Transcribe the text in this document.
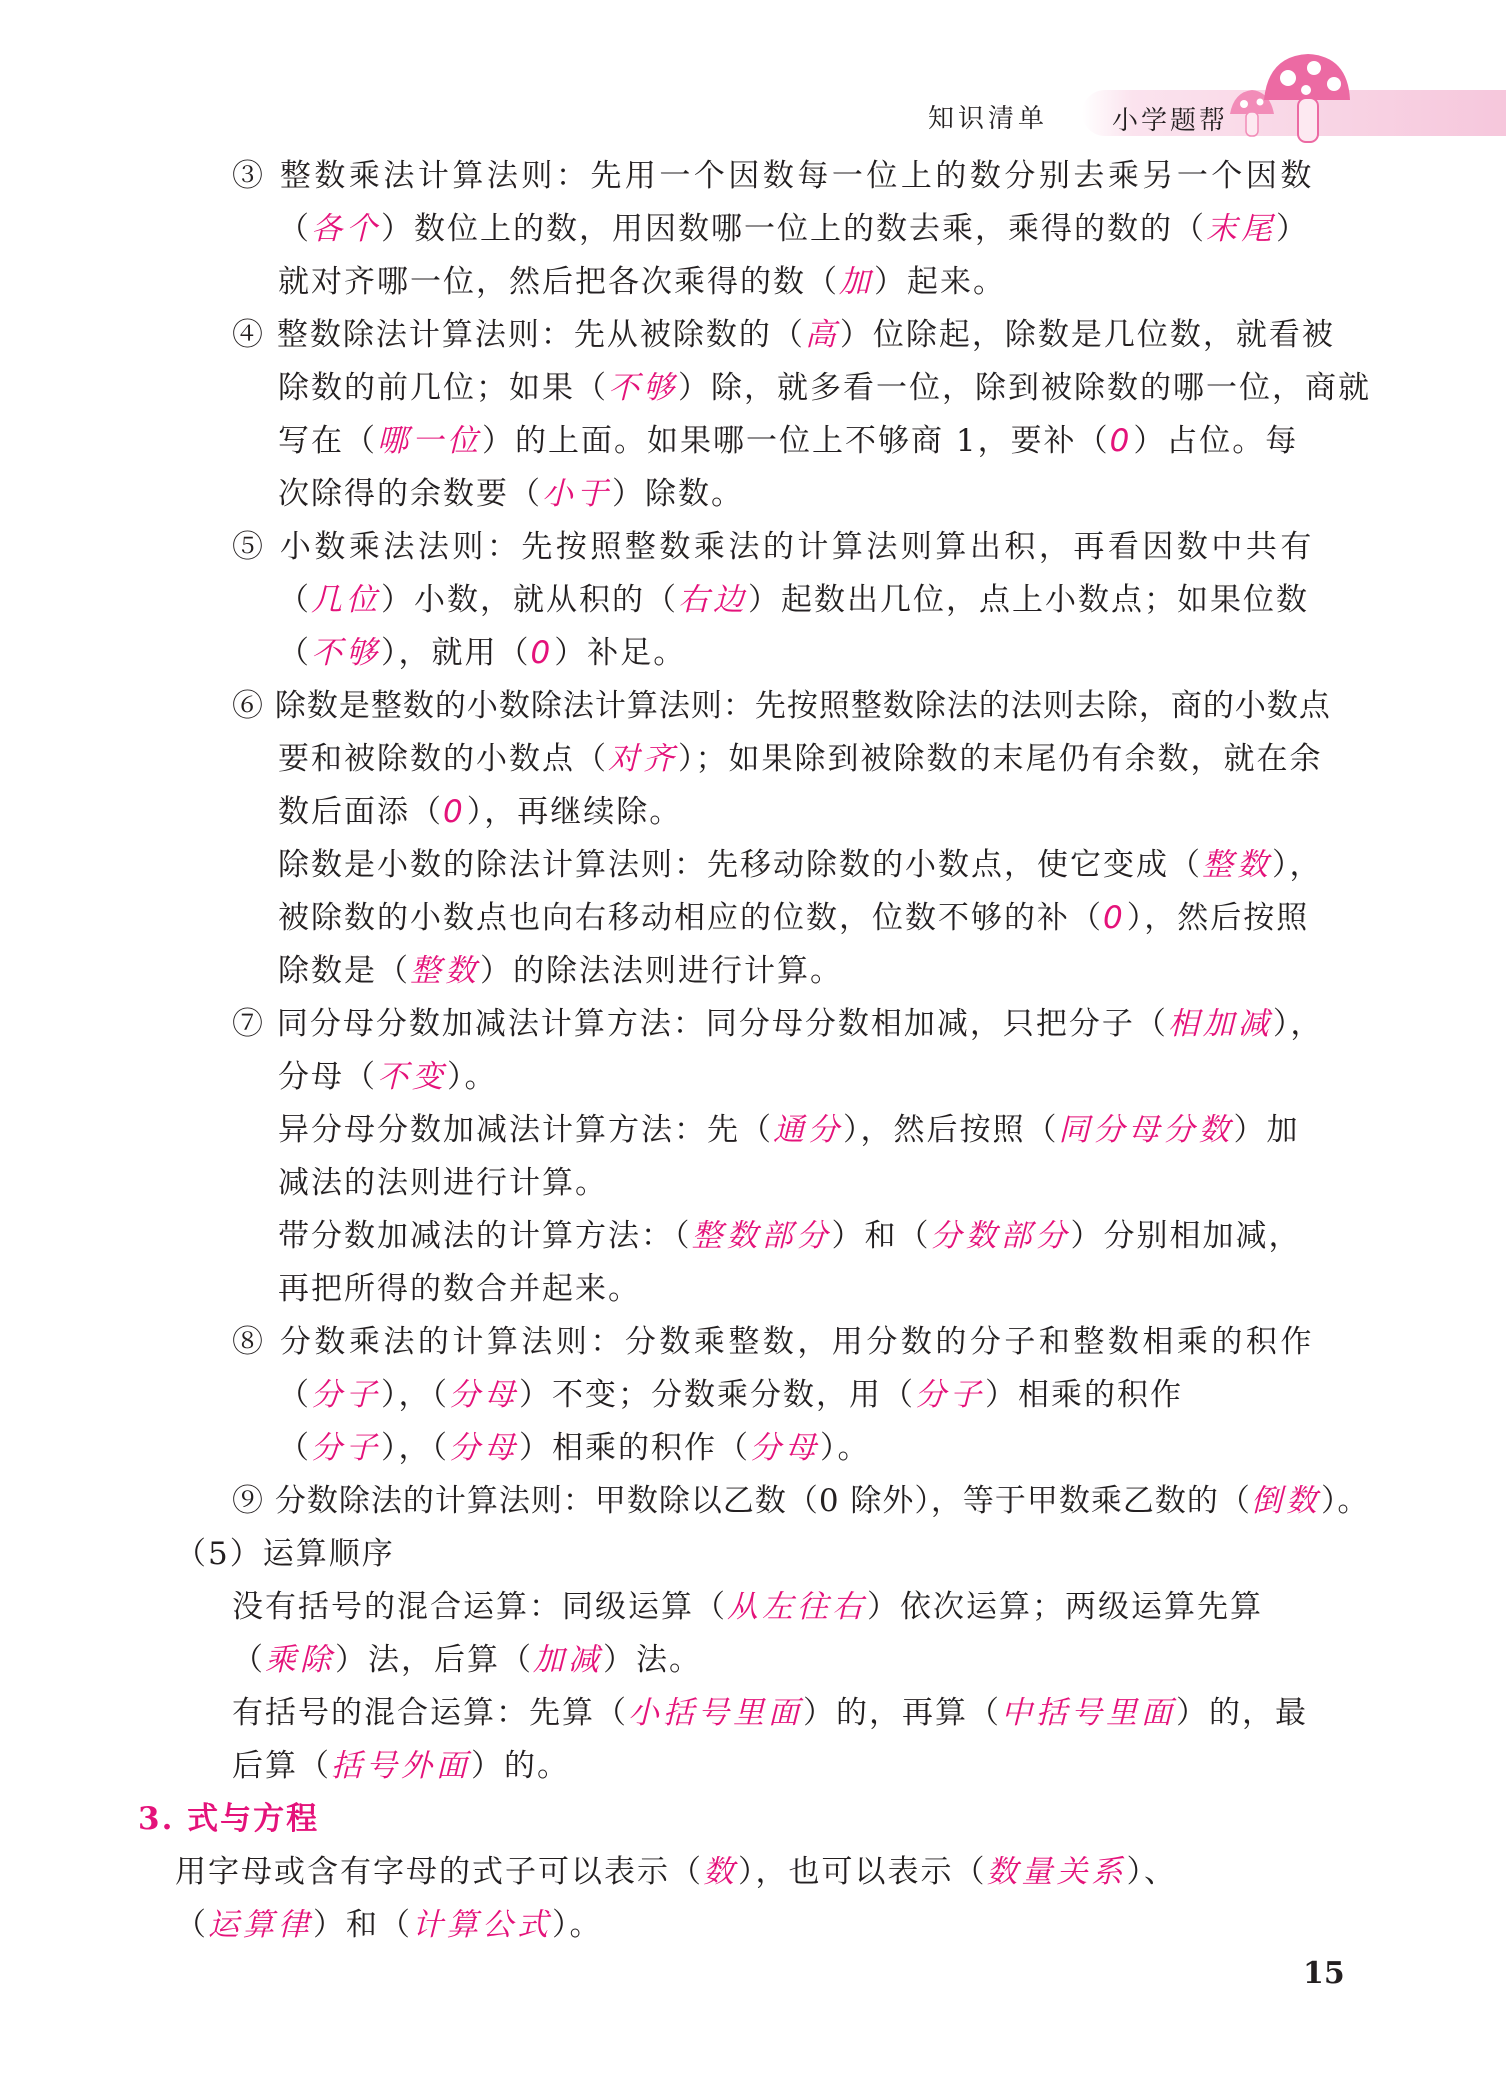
知识清单 小学题帮
③ 整数乘法计算法则：先用一个因数每一位上的数分别去乘另一个因数
（各个）数位上的数，用因数哪一位上的数去乘，乘得的数的（末尾）
就对齐哪一位，然后把各次乘得的数（加）起来。
④ 整数除法计算法则：先从被除数的（高）位除起，除数是几位数，就看被
除数的前几位；如果（不够）除，就多看一位，除到被除数的哪一位，商就
写在（哪一位）的上面。如果哪一位上不够商 1，要补（0）占位。每
次除得的余数要（小于）除数。
⑤ 小数乘法法则：先按照整数乘法的计算法则算出积，再看因数中共有
（几位）小数，就从积的（右边）起数出几位，点上小数点；如果位数
（不够），就用（0）补足。
⑥ 除数是整数的小数除法计算法则：先按照整数除法的法则去除，商的小数点
要和被除数的小数点（对齐）；如果除到被除数的末尾仍有余数，就在余
数后面添（0），再继续除。
除数是小数的除法计算法则：先移动除数的小数点，使它变成（整数），
被除数的小数点也向右移动相应的位数，位数不够的补（0），然后按照
除数是（整数）的除法法则进行计算。
⑦ 同分母分数加减法计算方法：同分母分数相加减，只把分子（相加减），
分母（不变）。
异分母分数加减法计算方法：先（通分），然后按照（同分母分数）加
减法的法则进行计算。
带分数加减法的计算方法：（整数部分）和（分数部分）分别相加减，
再把所得的数合并起来。
⑧ 分数乘法的计算法则：分数乘整数，用分数的分子和整数相乘的积作
（分子），（分母）不变；分数乘分数，用（分子）相乘的积作
（分子），（分母）相乘的积作（分母）。
⑨ 分数除法的计算法则：甲数除以乙数（0 除外），等于甲数乘乙数的（倒数）。
（5）运算顺序
没有括号的混合运算：同级运算（从左往右）依次运算；两级运算先算
（乘除）法，后算（加减）法。
有括号的混合运算：先算（小括号里面）的，再算（中括号里面）的，最
后算（括号外面）的。
3. 式与方程
用字母或含有字母的式子可以表示（数），也可以表示（数量关系）、
（运算律）和（计算公式）。
15
